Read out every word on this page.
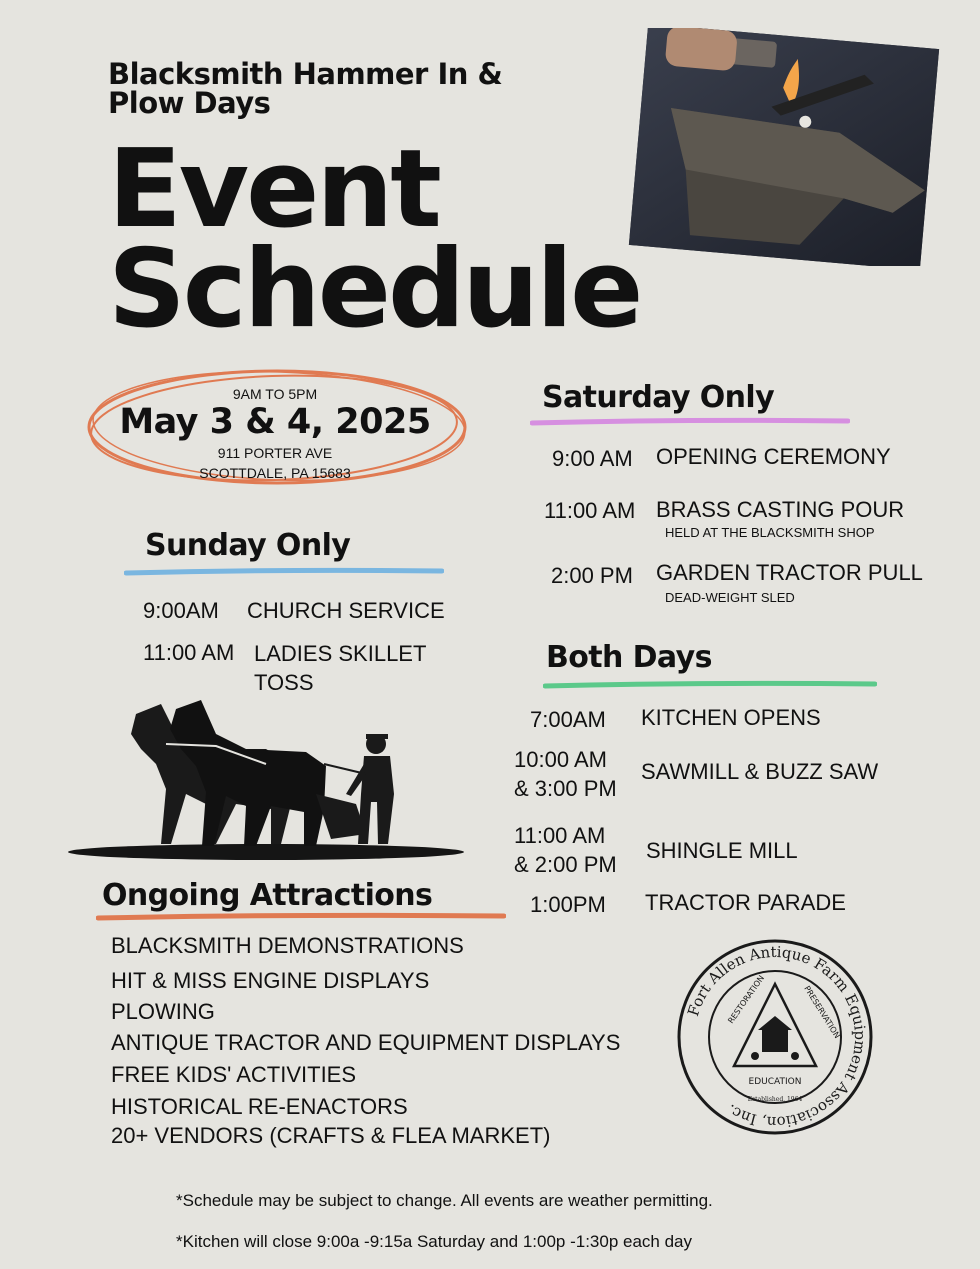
Blacksmith Hammer In &
Plow Days
Event
Schedule
9AM TO 5PM
May 3 & 4, 2025
911 PORTER AVE
SCOTTDALE, PA 15683
Saturday Only
9:00 AM OPENING CEREMONY
11:00 AM BRASS CASTING POUR
HELD AT THE BLACKSMITH SHOP
2:00 PM GARDEN TRACTOR PULL
DEAD-WEIGHT SLED
Sunday Only
9:00AM CHURCH SERVICE
11:00 AM LADIES SKILLET
TOSS
Both Days
7:00AM KITCHEN OPENS
10:00 AM
& 3:00 PM
SAWMILL & BUZZ SAW
11:00 AM
& 2:00 PM
SHINGLE MILL
1:00PM TRACTOR PARADE
Ongoing Attractions
BLACKSMITH DEMONSTRATIONS
HIT & MISS ENGINE DISPLAYS
PLOWING
ANTIQUE TRACTOR AND EQUIPMENT DISPLAYS
FREE KIDS' ACTIVITIES
HISTORICAL RE-ENACTORS
20+ VENDORS (CRAFTS & FLEA MARKET)
Fort Allen Antique Farm Equipment Association, Inc.
RESTORATION	PRESERVATION
EDUCATION
Established, 1964
*Schedule may be subject to change. All events are weather permitting.
*Kitchen will close 9:00a -9:15a Saturday and 1:00p -1:30p each day
